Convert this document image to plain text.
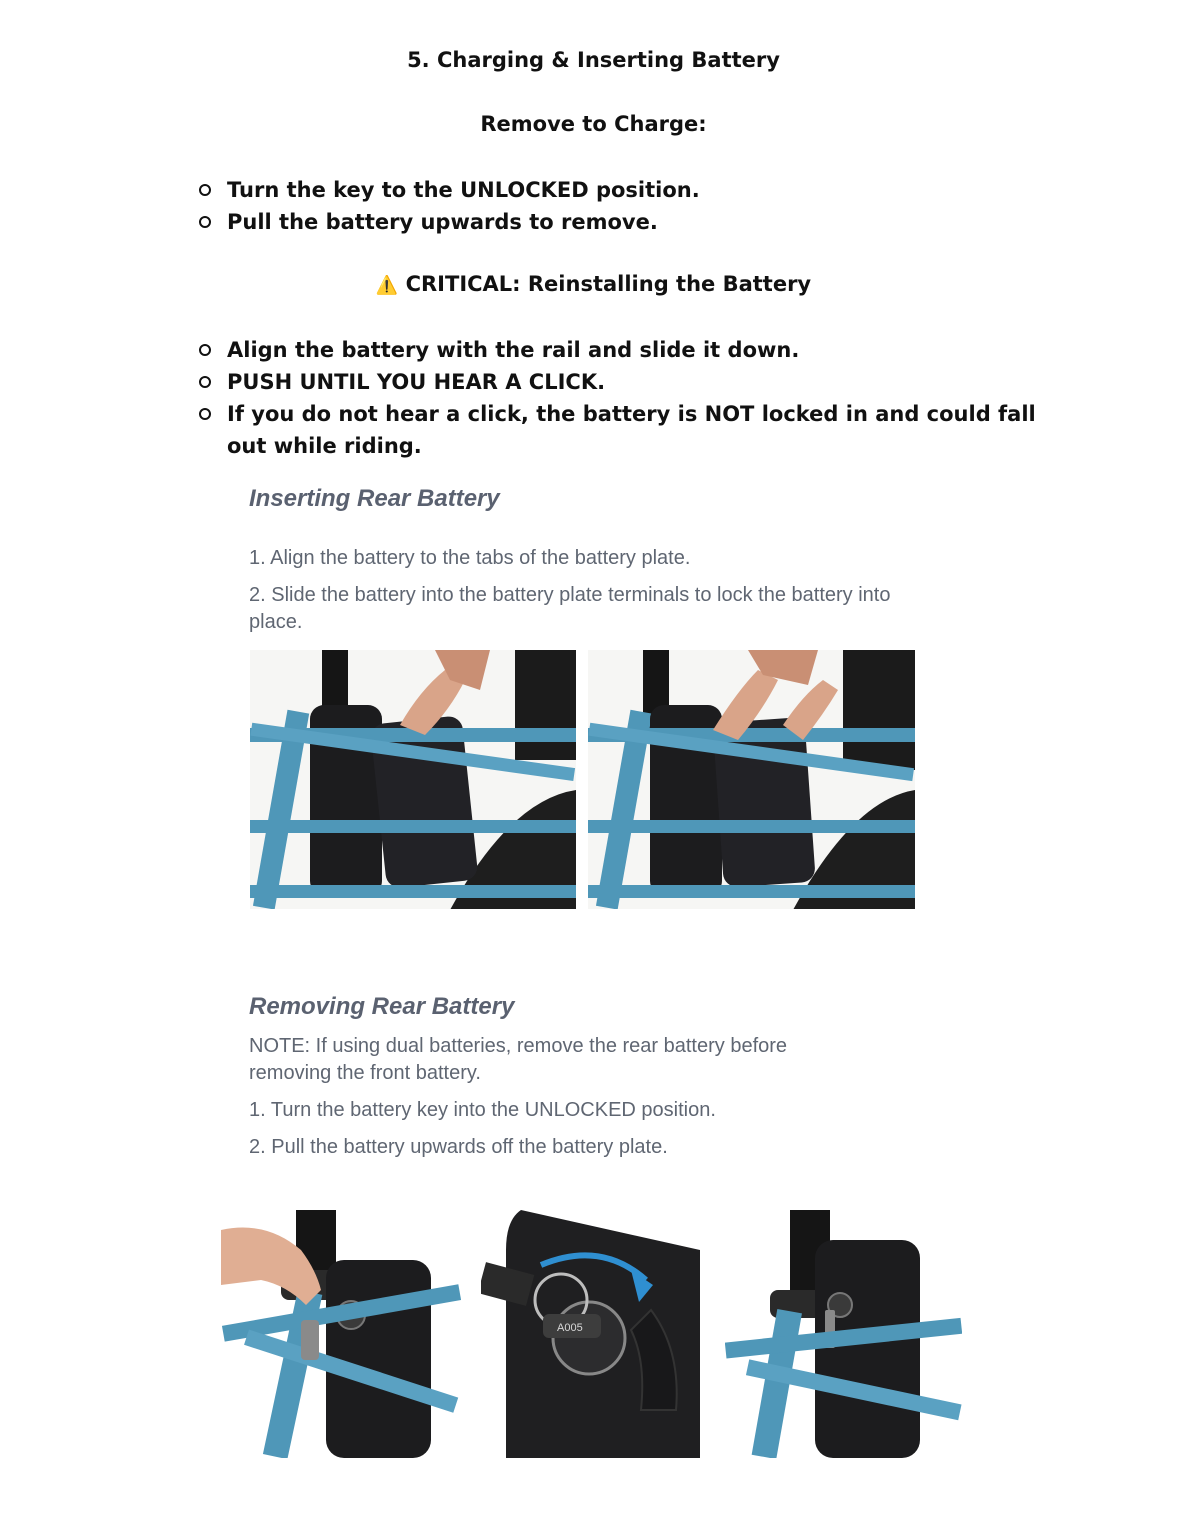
5. Charging & Inserting Battery
Remove to Charge:
Turn the key to the UNLOCKED position.
Pull the battery upwards to remove.
⚠️ CRITICAL: Reinstalling the Battery
Align the battery with the rail and slide it down.
PUSH UNTIL YOU HEAR A CLICK.
If you do not hear a click, the battery is NOT locked in and could fall out while riding.
Inserting Rear Battery

1. Align the battery to the tabs of the battery plate.

2. Slide the battery into the battery plate terminals to lock the battery into place.

Removing Rear Battery

NOTE: If using dual batteries, remove the rear battery before removing the front battery.

1. Turn the battery key into the UNLOCKED position.

2. Pull the battery upwards off the battery plate.

A005
